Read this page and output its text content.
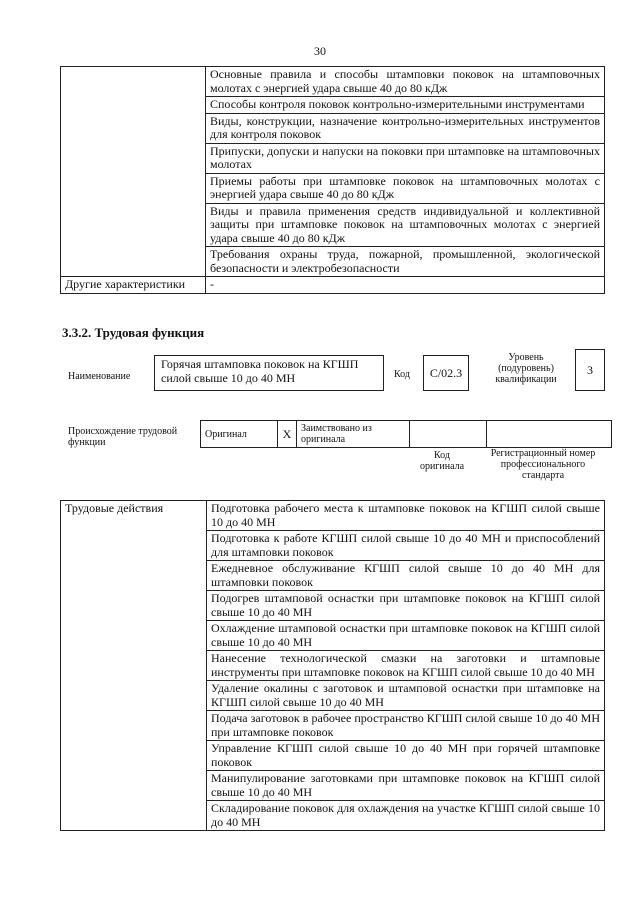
30
	Основные правила и способы штамповки поковок на штамповочных молотах с энергией удара свыше 40 до 80 кДж
	Способы контроля поковок контрольно-измерительными инструментами
	Виды, конструкции, назначение контрольно-измерительных инструментов для контроля поковок
	Припуски, допуски и напуски на поковки при штамповке на штамповочных молотах
	Приемы работы при штамповке поковок на штамповочных молотах с энергией удара свыше 40 до 80 кДж
	Виды и правила применения средств индивидуальной и коллективной защиты при штамповке поковок на штамповочных молотах с энергией удара свыше 40 до 80 кДж
	Требования охраны труда, пожарной, промышленной, экологической безопасности и электробезопасности
Другие характеристики	-
3.3.2. Трудовая функция
Наименование
Горячая штамповка поковок на КГШП силой свыше 10 до 40 МН	Код	С/02.3
Уровень (подуровень) квалификации
3
Происхождение трудовой функции
Оригинал	X	Заимствовано из оригинала		
Код оригинала
Регистрационный номер профессионального стандарта
Трудовые действия	Подготовка рабочего места к штамповке поковок на КГШП силой свыше 10 до 40 МН
Подготовка к работе КГШП силой свыше 10 до 40 МН и приспособлений для штамповки поковок
Ежедневное обслуживание КГШП силой свыше 10 до 40 МН для штамповки поковок
Подогрев штамповой оснастки при штамповке поковок на КГШП силой свыше 10 до 40 МН
Охлаждение штамповой оснастки при штамповке поковок на КГШП силой свыше 10 до 40 МН
Нанесение технологической смазки на заготовки и штамповые инструменты при штамповке поковок на КГШП силой свыше 10 до 40 МН
Удаление окалины с заготовок и штамповой оснастки при штамповке на КГШП силой свыше 10 до 40 МН
Подача заготовок в рабочее пространство КГШП силой свыше 10 до 40 МН при штамповке поковок
Управление КГШП силой свыше 10 до 40 МН при горячей штамповке поковок
Манипулирование заготовками при штамповке поковок на КГШП силой свыше 10 до 40 МН
Складирование поковок для охлаждения на участке КГШП силой свыше 10 до 40 МН
